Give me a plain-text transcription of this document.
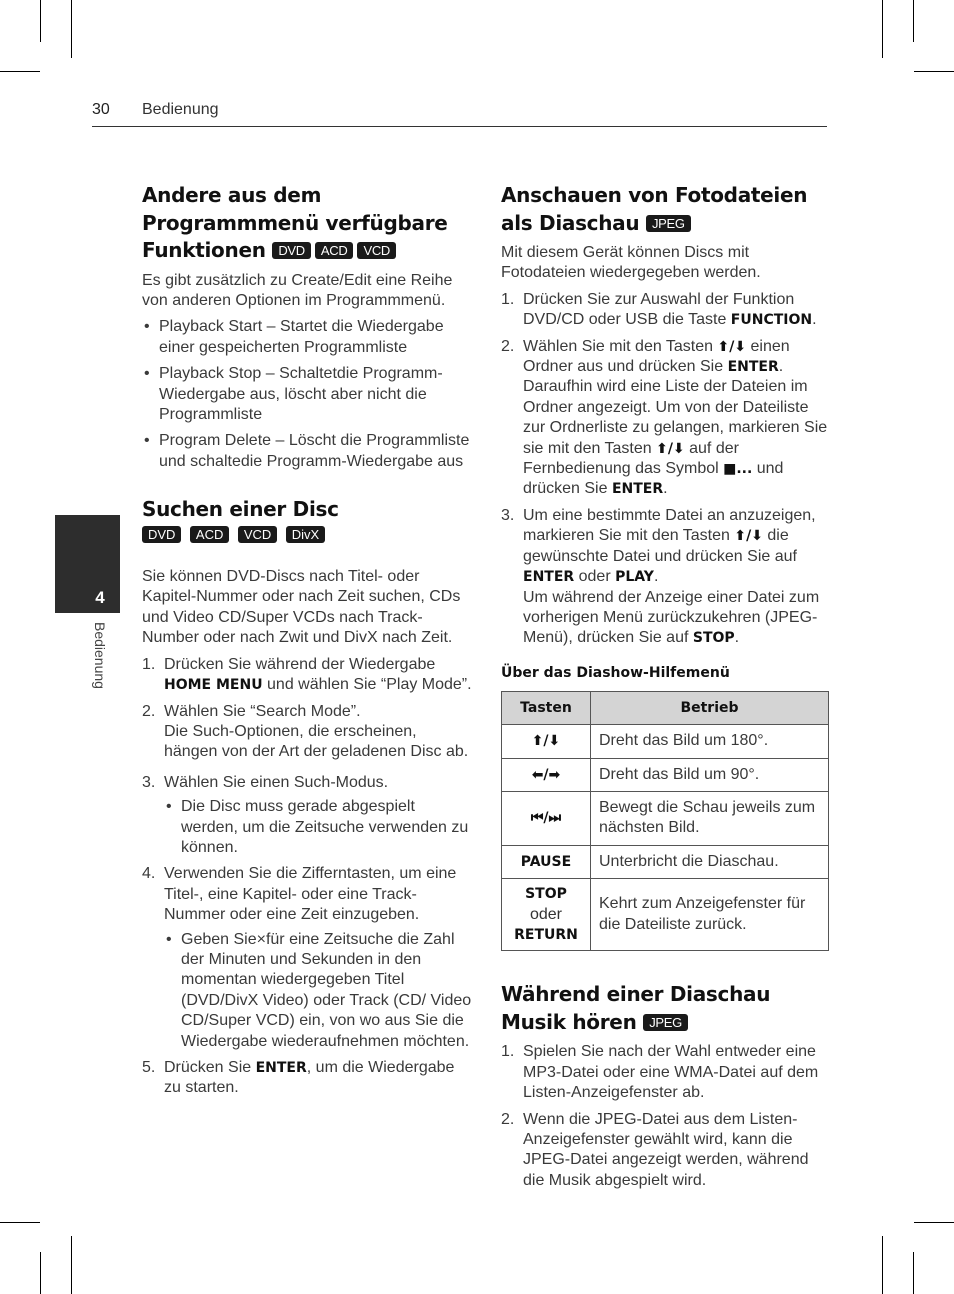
30 Bedienung
4
Bedienung
Andere aus dem Programmmenü verfügbare Funktionen DVD ACD VCD

Es gibt zusätzlich zu Create/Edit eine Reihe von anderen Optionen im Programmmenü.

• Playback Start – Startet die Wiedergabe einer gespeicherten Programmliste
• Playback Stop – Schaltetdie Programm-Wiedergabe aus, löscht aber nicht die Programmliste
• Program Delete – Löscht die Programmliste und schaltedie Programm-Wiedergabe aus
Suchen einer Disc
DVD ACD VCD DivX

Sie können DVD-Discs nach Titel- oder Kapitel-Nummer oder nach Zeit suchen, CDs und Video CD/Super VCDs nach Track-Number oder nach Zwit und DivX nach Zeit.

1. Drücken Sie während der Wiedergabe HOME MENU und wählen Sie “Play Mode”.
2. Wählen Sie “Search Mode”.
Die Such-Optionen, die erscheinen, hängen von der Art der geladenen Disc ab.
3. Wählen Sie einen Such-Modus.
• Die Disc muss gerade abgespielt werden, um die Zeitsuche verwenden zu können.
4. Verwenden Sie die Zifferntasten, um eine Titel-, eine Kapitel- oder eine Track-Nummer oder eine Zeit einzugeben.
• Geben Sie×für eine Zeitsuche die Zahl der Minuten und Sekunden in den momentan wiedergegeben Titel (DVD/DivX Video) oder Track (CD/ Video CD/Super VCD) ein, von wo aus Sie die Wiedergabe wiederaufnehmen möchten.
5. Drücken Sie ENTER, um die Wiedergabe zu starten.
Anschauen von Fotodateien als Diaschau JPEG

Mit diesem Gerät können Discs mit Fotodateien wiedergegeben werden.

1. Drücken Sie zur Auswahl der Funktion DVD/CD oder USB die Taste FUNCTION.
2. Wählen Sie mit den Tasten ⬆/⬇ einen Ordner aus und drücken Sie ENTER. Daraufhin wird eine Liste der Dateien im Ordner angezeigt. Um von der Dateiliste zur Ordnerliste zu gelangen, markieren Sie sie mit den Tasten ⬆/⬇ auf der Fernbedienung das Symbol ■... und drücken Sie ENTER.
3. Um eine bestimmte Datei an anzuzeigen, markieren Sie mit den Tasten ⬆/⬇ die gewünschte Datei und drücken Sie auf ENTER oder PLAY.
Um während der Anzeige einer Datei zum vorherigen Menü zurückzukehren (JPEG-Menü), drücken Sie auf STOP.
Über das Diashow-Hilfemenü
Tasten	Betrieb
⬆/⬇	Dreht das Bild um 180°.
⬅/➡	Dreht das Bild um 90°.
⏮/⏭	Bewegt die Schau jeweils zum nächsten Bild.
PAUSE	Unterbricht die Diaschau.

STOP
oder
RETURN	Kehrt zum Anzeigefenster für die Dateiliste zurück.
Während einer Diaschau Musik hören JPEG
1. Spielen Sie nach der Wahl entweder eine MP3-Datei oder eine WMA-Datei auf dem Listen-Anzeigefenster ab.
2. Wenn die JPEG-Datei aus dem Listen-Anzeigefenster gewählt wird, kann die JPEG-Datei angezeigt werden, während die Musik abgespielt wird.
